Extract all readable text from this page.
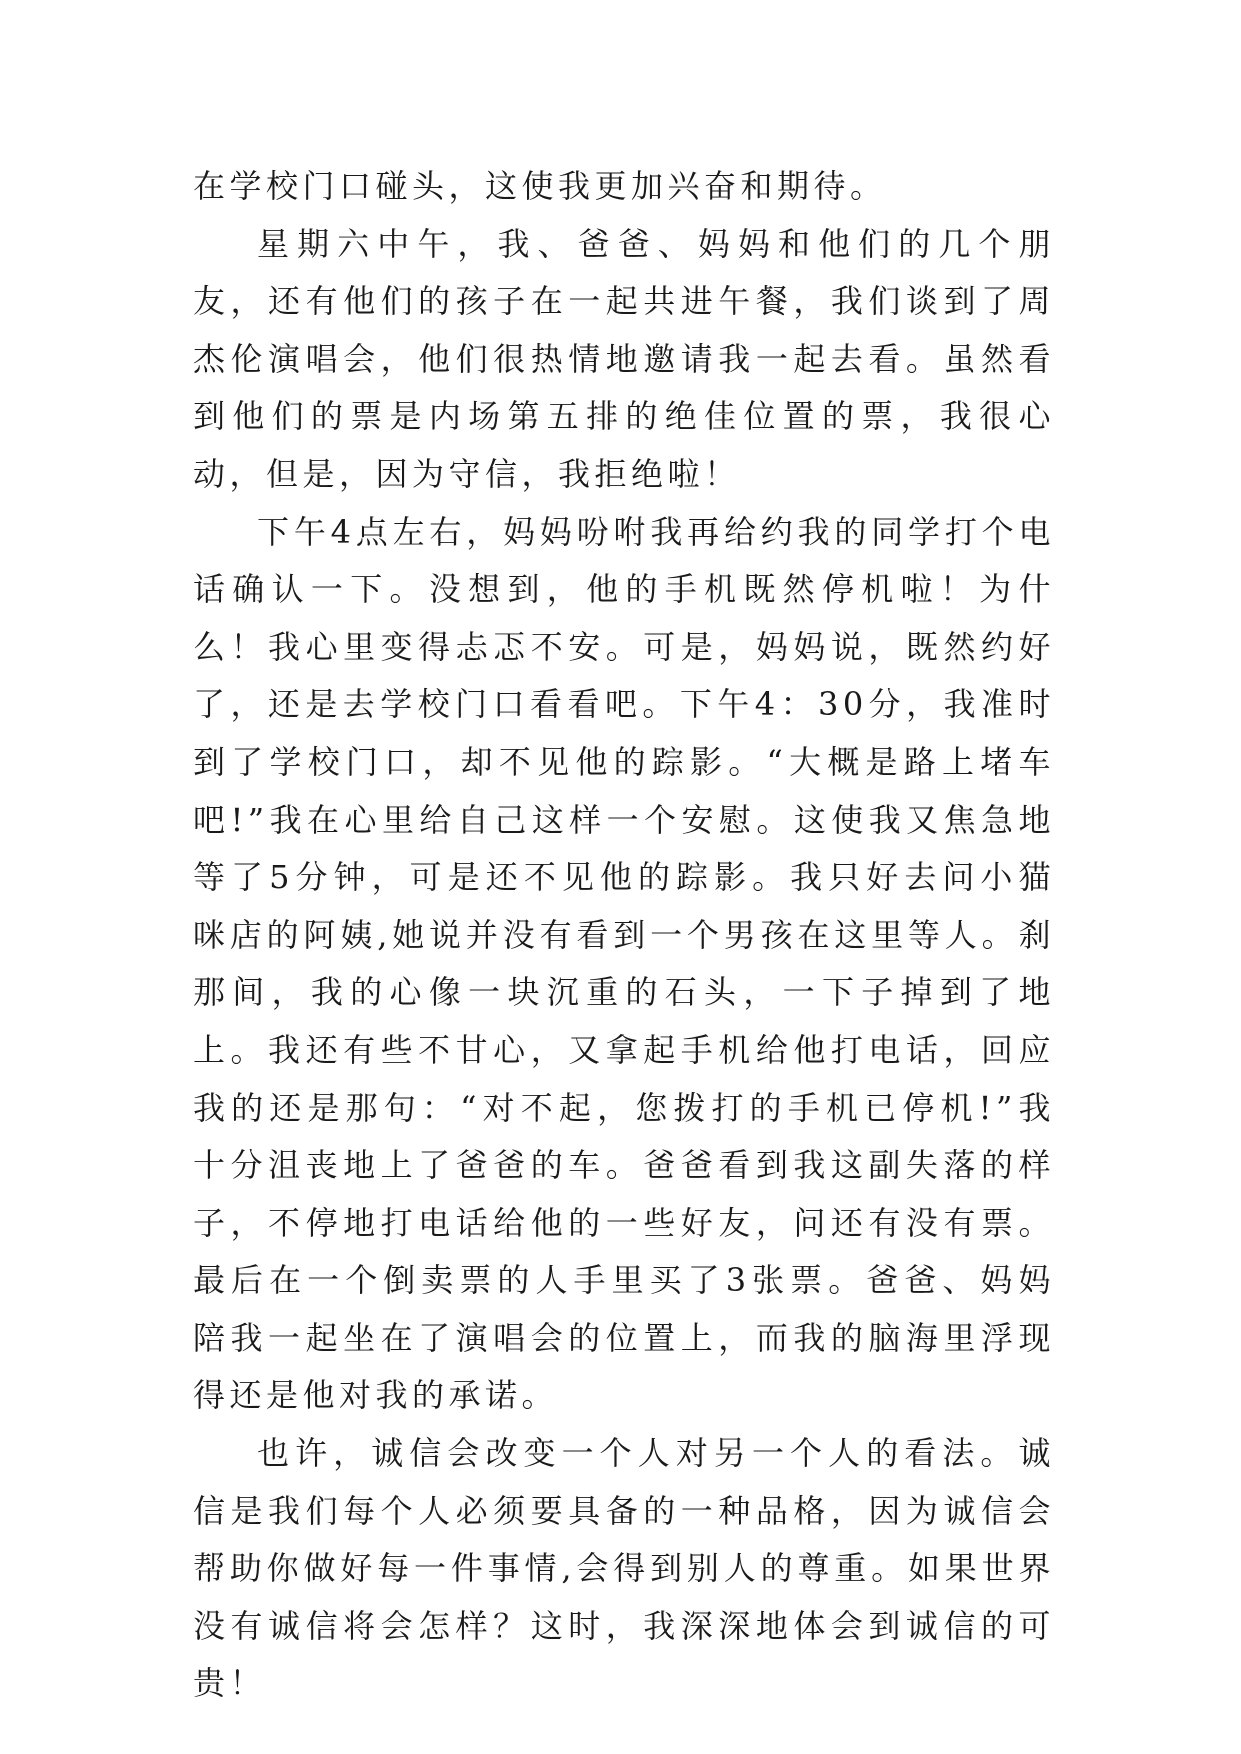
在学校门口碰头，这使我更加兴奋和期待。

星期六中午，我、爸爸、妈妈和他们的几个朋友，还有他们的孩子在一起共进午餐，我们谈到了周杰伦演唱会，他们很热情地邀请我一起去看。虽然看到他们的票是内场第五排的绝佳位置的票，我很心动，但是，因为守信，我拒绝啦！

下午4点左右，妈妈吩咐我再给约我的同学打个电话确认一下。没想到，他的手机既然停机啦！为什么！我心里变得忐忑不安。可是，妈妈说，既然约好了，还是去学校门口看看吧。下午4：30分，我准时到了学校门口，却不见他的踪影。“大概是路上堵车吧!”我在心里给自己这样一个安慰。这使我又焦急地等了5分钟，可是还不见他的踪影。我只好去问小猫咪店的阿姨,她说并没有看到一个男孩在这里等人。刹那间，我的心像一块沉重的石头，一下子掉到了地上。我还有些不甘心，又拿起手机给他打电话，回应我的还是那句：“对不起，您拨打的手机已停机!”我十分沮丧地上了爸爸的车。爸爸看到我这副失落的样子，不停地打电话给他的一些好友，问还有没有票。最后在一个倒卖票的人手里买了3张票。爸爸、妈妈陪我一起坐在了演唱会的位置上，而我的脑海里浮现得还是他对我的承诺。

也许，诚信会改变一个人对另一个人的看法。诚信是我们每个人必须要具备的一种品格，因为诚信会帮助你做好每一件事情,会得到别人的尊重。如果世界没有诚信将会怎样？这时，我深深地体会到诚信的可贵！
